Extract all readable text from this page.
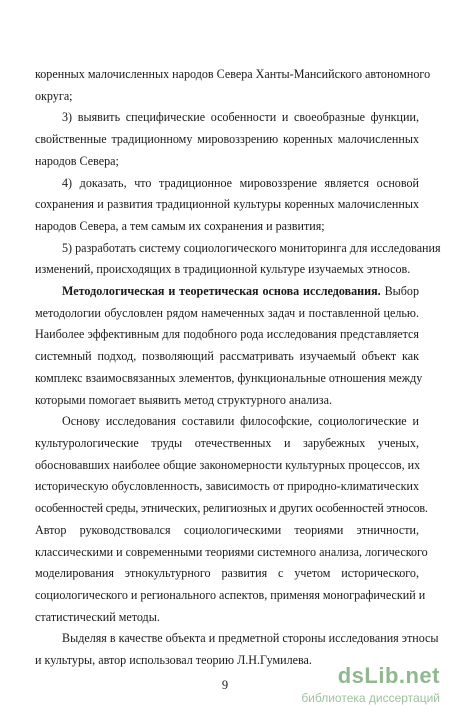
коренных малочисленных народов Севера Ханты-Мансийского автономного
округа;
3) выявить специфические особенности и своеобразные функции,
свойственные традиционному мировоззрению коренных малочисленных
народов Севера;
4) доказать, что традиционное мировоззрение является основой
сохранения и развития традиционной культуры коренных малочисленных
народов Севера, а тем самым их сохранения и развития;
5) разработать систему социологического мониторинга для исследования
изменений, происходящих в традиционной культуре изучаемых этносов.
Методологическая и теоретическая основа исследования. Выбор
методологии обусловлен рядом намеченных задач и поставленной целью.
Наиболее эффективным для подобного рода исследования представляется
системный подход, позволяющий рассматривать изучаемый объект как
комплекс взаимосвязанных элементов, функциональные отношения между
которыми помогает выявить метод структурного анализа.
Основу исследования составили философские, социологические и
культурологические труды отечественных и зарубежных ученых,
обосновавших наиболее общие закономерности культурных процессов, их
историческую обусловленность, зависимость от природно-климатических
особенностей среды, этнических, религиозных и других особенностей этносов.
Автор руководствовался социологическими теориями этничности,
классическими и современными теориями системного анализа, логического
моделирования этнокультурного развития с учетом исторического,
социологического и регионального аспектов, применяя монографический и
статистический методы.
Выделяя в качестве объекта и предметной стороны исследования этносы
и культуры, автор использовал теорию Л.Н.Гумилева.
9	dsLib.net
библиотека диссертаций
